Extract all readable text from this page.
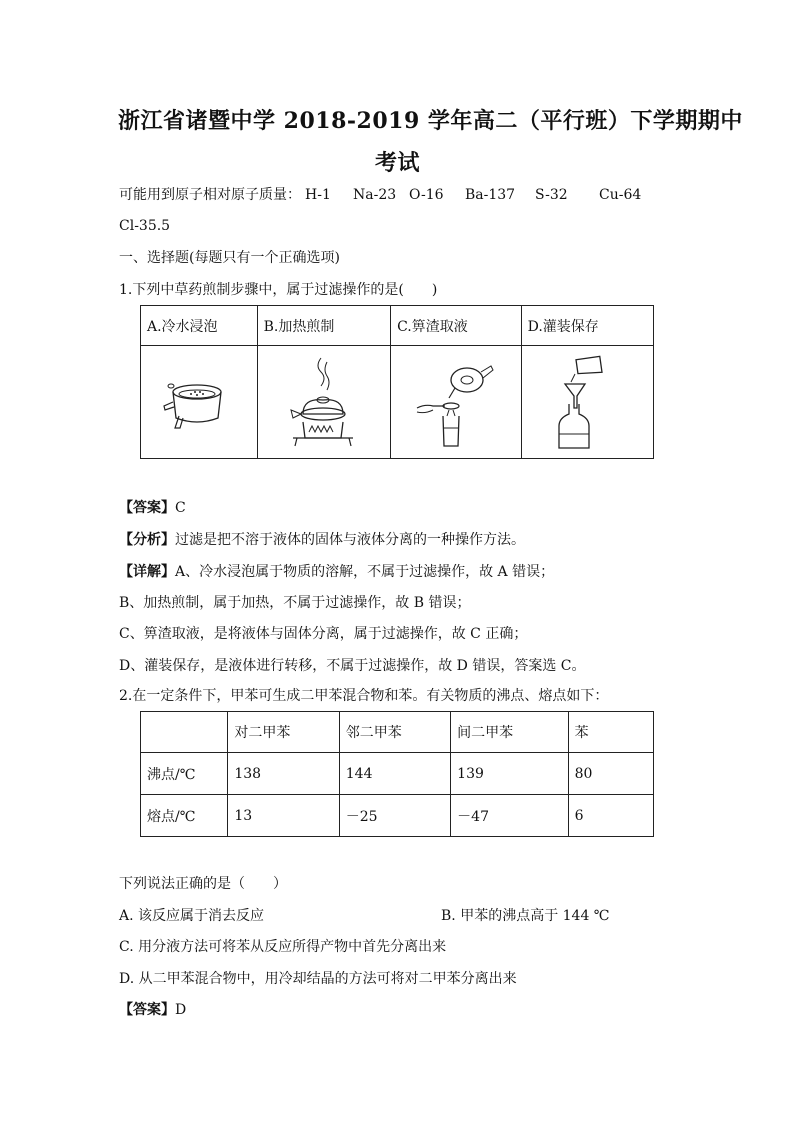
浙江省诸暨中学 2018-2019 学年高二（平行班）下学期期中
考试
可能用到原子相对原子质量： H-1 Na-23 O-16 Ba-137 S-32 Cu-64
Cl-35.5
一、选择题(每题只有一个正确选项)
1.下列中草药煎制步骤中，属于过滤操作的是(　　)
A.冷水浸泡	B.加热煎制	C.箅渣取液	D.灌装保存

【答案】C
【分析】过滤是把不溶于液体的固体与液体分离的一种操作方法。
【详解】A、冷水浸泡属于物质的溶解，不属于过滤操作，故 A 错误；
B、加热煎制，属于加热，不属于过滤操作，故 B 错误；
C、箅渣取液，是将液体与固体分离，属于过滤操作，故 C 正确；
D、灌装保存，是液体进行转移，不属于过滤操作，故 D 错误，答案选 C。
2.在一定条件下，甲苯可生成二甲苯混合物和苯。有关物质的沸点、熔点如下：
	对二甲苯	邻二甲苯	间二甲苯	苯
沸点/℃	138	144	139	80
熔点/℃	13	－25	－47	6
下列说法正确的是（　　）
A. 该反应属于消去反应	B. 甲苯的沸点高于 144 ℃
C. 用分液方法可将苯从反应所得产物中首先分离出来
D. 从二甲苯混合物中，用冷却结晶的方法可将对二甲苯分离出来
【答案】D
